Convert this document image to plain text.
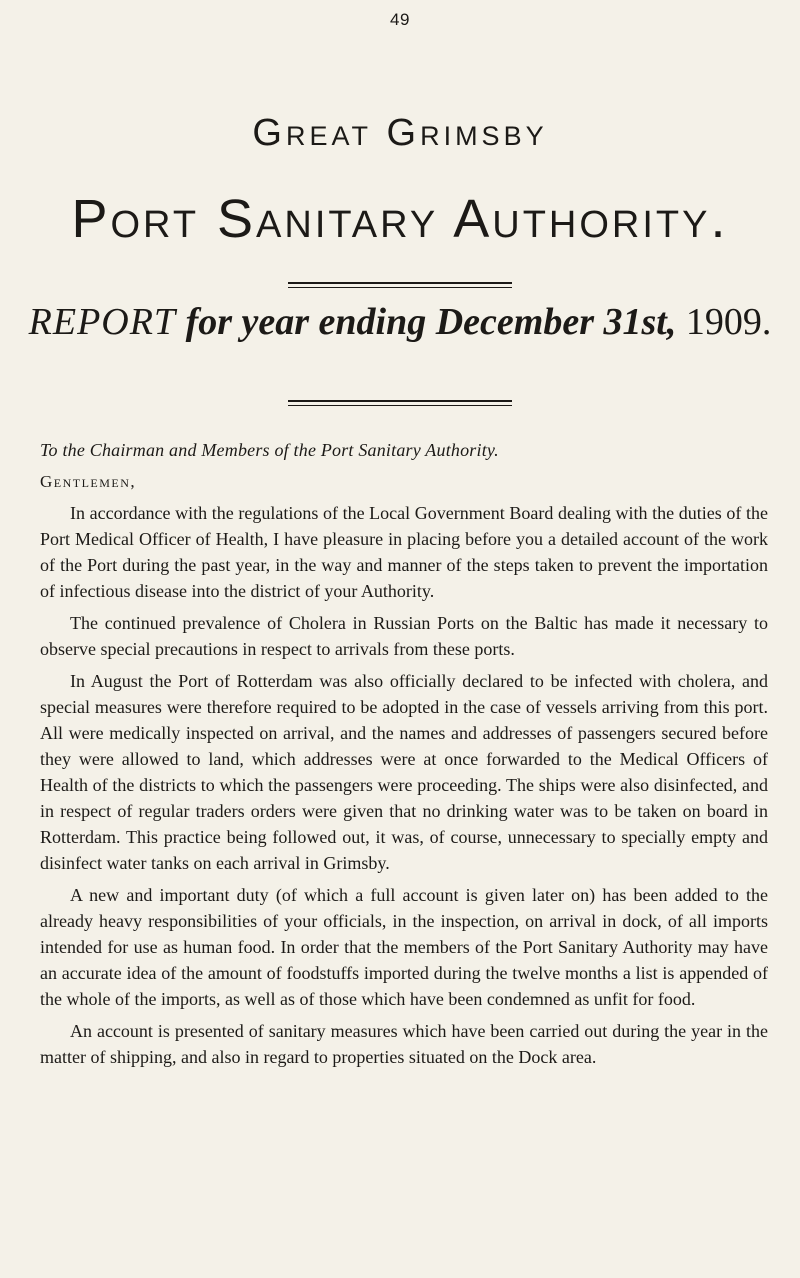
49
Great Grimsby
Port Sanitary Authority.
REPORT for year ending December 31st, 1909.
To the Chairman and Members of the Port Sanitary Authority.
Gentlemen,

In accordance with the regulations of the Local Government Board dealing with the duties of the Port Medical Officer of Health, I have pleasure in placing before you a detailed account of the work of the Port during the past year, in the way and manner of the steps taken to prevent the importation of infectious disease into the district of your Authority.

The continued prevalence of Cholera in Russian Ports on the Baltic has made it necessary to observe special precautions in respect to arrivals from these ports.

In August the Port of Rotterdam was also officially declared to be infected with cholera, and special measures were therefore required to be adopted in the case of vessels arriving from this port. All were medically inspected on arrival, and the names and addresses of passengers secured before they were allowed to land, which addresses were at once forwarded to the Medical Officers of Health of the districts to which the passengers were proceeding. The ships were also disinfected, and in respect of regular traders orders were given that no drinking water was to be taken on board in Rotterdam. This practice being followed out, it was, of course, unnecessary to specially empty and disinfect water tanks on each arrival in Grimsby.

A new and important duty (of which a full account is given later on) has been added to the already heavy responsibilities of your officials, in the inspection, on arrival in dock, of all imports intended for use as human food. In order that the members of the Port Sanitary Authority may have an accurate idea of the amount of foodstuffs imported during the twelve months a list is appended of the whole of the imports, as well as of those which have been condemned as unfit for food.

An account is presented of sanitary measures which have been carried out during the year in the matter of shipping, and also in regard to properties situated on the Dock area.
